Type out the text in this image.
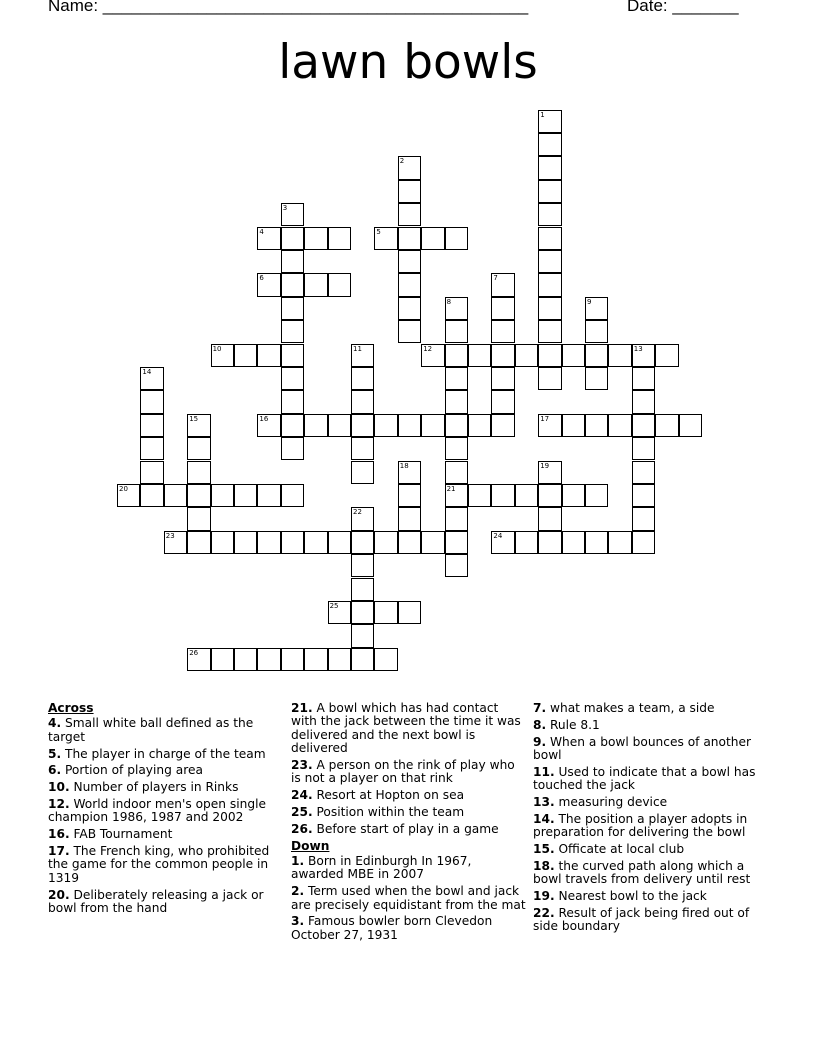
Name: _____________________________________________	Date: _______
lawn bowls
1
2
3
4	5
6	7
8
21
9
10	11	12	13
14
15	16	17
18	19
20
22
23	24
25
26
Across
4. Small white ball defined as the target
5. The player in charge of the team
6. Portion of playing area
10. Number of players in Rinks
12. World indoor men's open single champion 1986, 1987 and 2002
16. FAB Tournament
17. The French king, who prohibited the game for the common people in 1319
20. Deliberately releasing a jack or bowl from the hand
21. A bowl which has had contact with the jack between the time it was delivered and the next bowl is delivered
23. A person on the rink of play who is not a player on that rink
24. Resort at Hopton on sea
25. Position within the team
26. Before start of play in a game
Down
1. Born in Edinburgh In 1967, awarded MBE in 2007
2. Term used when the bowl and jack are precisely equidistant from the mat
3. Famous bowler born Clevedon October 27, 1931
7. what makes a team, a side
8. Rule 8.1
9. When a bowl bounces of another bowl
11. Used to indicate that a bowl has touched the jack
13. measuring device
14. The position a player adopts in preparation for delivering the bowl
15. Officate at local club
18. the curved path along which a bowl travels from delivery until rest
19. Nearest bowl to the jack
22. Result of jack being fired out of side boundary
